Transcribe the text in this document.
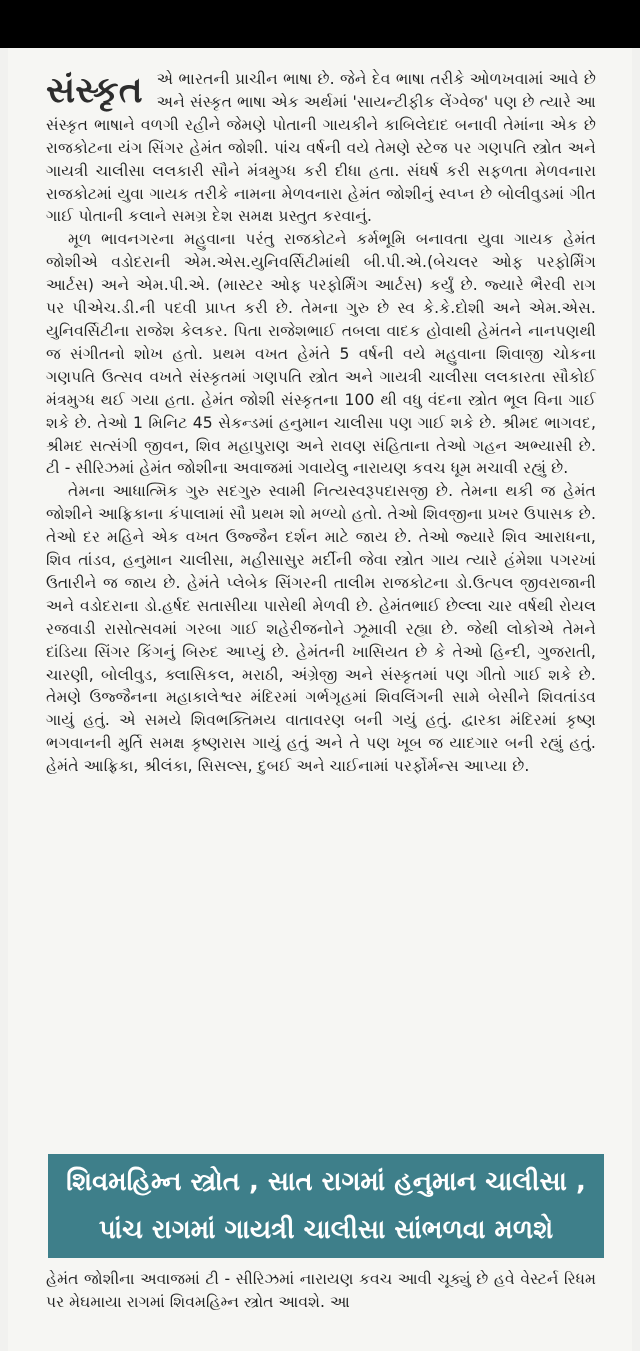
સંસ્કૃત એ ભારતની પ્રાચીન ભાષા છે. જેને દેવ ભાષા તરીકે ઓળખવામાં આવે છે અને સંસ્કૃત ભાષા એક અર્થમાં 'સાયન્ટીફીક લેંગ્વેજ' પણ છે ત્યારે આ સંસ્કૃત ભાષાને વળગી રહીને જેમણે પોતાની ગાયકીને કાબિલેદાદ બનાવી તેમાંના એક છે રાજકોટના યંગ સિંગર હેમંત જોશી. પાંચ વર્ષની વયે તેમણે સ્ટેજ પર ગણપતિ સ્ત્રોત અને ગાયત્રી ચાલીસા લલકારી સૌને મંત્રમુગ્ધ કરી દીધા હતા. સંઘર્ષ કરી સફળતા મેળવનારા રાજકોટમાં યુવા ગાયક તરીકે નામના મેળવનારા હેમંત જોશીનું સ્વપ્ન છે બોલીવુડમાં ગીત ગાઈ પોતાની કલાને સમગ્ર દેશ સમક્ષ પ્રસ્તુત કરવાનું.

મૂળ ભાવનગરના મહુવાના પરંતુ રાજકોટને કર્મભૂમિ બનાવતા યુવા ગાયક હેમંત જોશીએ વડોદરાની એમ.એસ.યુનિવર્સિટીમાંથી બી.પી.એ.(બેચલર ઓફ પરફોર્મિંગ આર્ટસ) અને એમ.પી.એ. (માસ્ટર ઓફ પરફોર્મિંગ આર્ટસ) કર્યું છે. જ્યારે ભૈરવી રાગ પર પીએચ.ડી.ની પદવી પ્રાપ્ત કરી છે. તેમના ગુરુ છે સ્વ કે.કે.દોશી અને એમ.એસ. યુનિવર્સિટીના રાજેશ કેલકર. પિતા રાજેશભાઈ તબલા વાદક હોવાથી હેમંતને નાનપણથી જ સંગીતનો શોખ હતો. પ્રથમ વખત હેમંતે 5 વર્ષની વયે મહુવાના શિવાજી ચોકના ગણપતિ ઉત્સવ વખતે સંસ્કૃતમાં ગણપતિ સ્ત્રોત અને ગાયત્રી ચાલીસા લલકારતા સૌકોઈ મંત્રમુગ્ધ થઈ ગયા હતા. હેમંત જોશી સંસ્કૃતના 100 થી વધુ વંદના સ્ત્રોત ભૂલ વિના ગાઈ શકે છે. તેઓ 1 મિનિટ 45 સેકન્ડમાં હનુમાન ચાલીસા પણ ગાઈ શકે છે. શ્રીમદ ભાગવદ, શ્રીમદ સત્સંગી જીવન, શિવ મહાપુરાણ અને રાવણ સંહિતાના તેઓ ગહન અભ્યાસી છે. ટી - સીરિઝમાં હેમંત જોશીના અવાજમાં ગવાયેલુ નારાયણ કવચ ધૂમ મચાવી રહ્યું છે.

તેમના આધાત્મિક ગુરુ સદગુરુ સ્વામી નિત્યસ્વરૂપદાસજી છે. તેમના થકી જ હેમંત જોશીને આફ્રિકાના કંપાલામાં સૌ પ્રથમ શો મળ્યો હતો. તેઓ શિવજીના પ્રખર ઉપાસક છે. તેઓ દર મહિને એક વખત ઉજ્જૈન દર્શન માટે જાય છે. તેઓ જ્યારે શિવ આરાધના, શિવ તાંડવ, હનુમાન ચાલીસા, મહીસાસુર મર્દીની જેવા સ્ત્રોત ગાય ત્યારે હંમેશા પગરખાં ઉતારીને જ જાય છે. હેમંતે પ્લેબેક સિંગરની તાલીમ રાજકોટના ડો.ઉત્પલ જીવરાજાની અને વડોદરાના ડો.હર્ષદ સતાસીયા પાસેથી મેળવી છે. હેમંતભાઈ છેલ્લા ચાર વર્ષથી રોયલ રજવાડી રાસોત્સવમાં ગરબા ગાઈ શહેરીજનોને ઝૂમાવી રહ્યા છે. જેથી લોકોએ તેમને દાંડિયા સિંગર કિંગનું બિરુદ આપ્યું છે. હેમંતની ખાસિયત છે કે તેઓ હિન્દી, ગુજરાતી, ચારણી, બોલીવુડ, ક્લાસિકલ, મરાઠી, અંગ્રેજી અને સંસ્કૃતમાં પણ ગીતો ગાઈ શકે છે. તેમણે ઉજ્જૈનના મહાકાલેશ્વર મંદિરમાં ગર્ભગૃહમાં શિવલિંગની સામે બેસીને શિવતાંડવ ગાયું હતું. એ સમયે શિવભક્તિમય વાતાવરણ બની ગયું હતું. દ્વારકા મંદિરમાં કૃષ્ણ ભગવાનની મુર્તિ સમક્ષ કૃષ્ણરાસ ગાયું હતું અને તે પણ ખૂબ જ યાદગાર બની રહ્યું હતું. હેમંતે આફ્રિકા, શ્રીલંકા, સિસલ્સ, દુબઈ અને ચાઈનામાં પરર્ફોર્મન્સ આપ્યા છે.

શિવમહિમ્ન સ્ત્રોત , સાત રાગમાં હનુમાન ચાલીસા ,
પાંચ રાગમાં ગાયત્રી ચાલીસા સાંભળવા મળશે

હેમંત જોશીના અવાજમાં ટી - સીરિઝમાં નારાયણ કવચ આવી ચૂક્યું છે હવે વેસ્ટર્ન રિધમ પર મેઘમાયા રાગમાં શિવમહિમ્ન સ્ત્રોત આવશે. આ
